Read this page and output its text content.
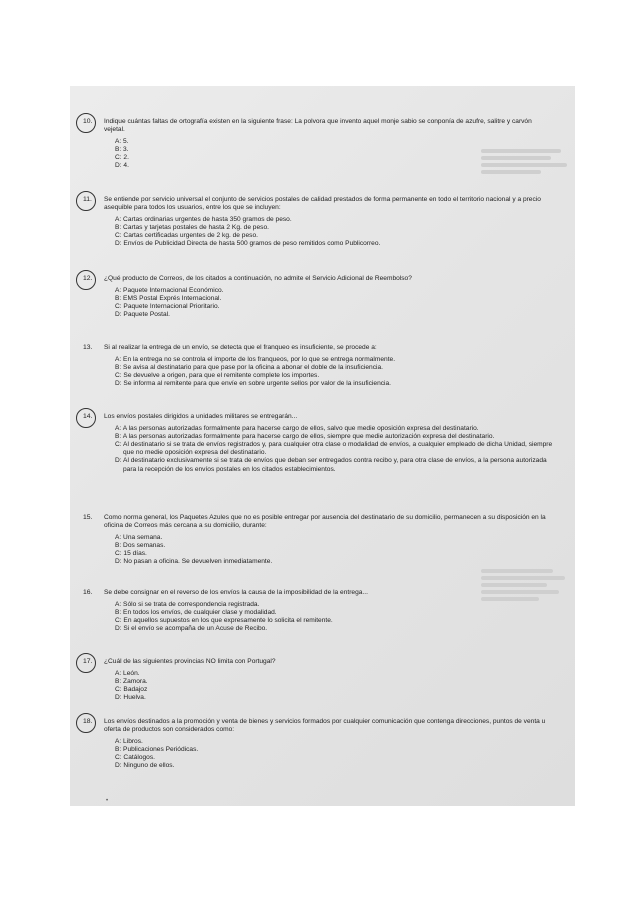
10. Indique cuántas faltas de ortografía existen en la siguiente frase: La polvora que invento aquel monje sabio se conponía de azufre, salitre y carvón vejetal.

A: 5.
B: 3.
C: 2.
D: 4.
11. Se entiende por servicio universal el conjunto de servicios postales de calidad prestados de forma permanente en todo el territorio nacional y a precio asequible para todos los usuarios, entre los que se incluyen:

A: Cartas ordinarias urgentes de hasta 350 gramos de peso.
B: Cartas y tarjetas postales de hasta 2 Kg. de peso.
C: Cartas certificadas urgentes de 2 kg. de peso.
D: Envíos de Publicidad Directa de hasta 500 gramos de peso remitidos como Publicorreo.
12. ¿Qué producto de Correos, de los citados a continuación, no admite el Servicio Adicional de Reembolso?

A: Paquete Internacional Económico.
B: EMS Postal Exprés Internacional.
C: Paquete Internacional Prioritario.
D: Paquete Postal.
13. Si al realizar la entrega de un envío, se detecta que el franqueo es insuficiente, se procede a:

A: En la entrega no se controla el importe de los franqueos, por lo que se entrega normalmente.
B: Se avisa al destinatario para que pase por la oficina a abonar el doble de la insuficiencia.
C: Se devuelve a origen, para que el remitente complete los importes.
D: Se informa al remitente para que envíe en sobre urgente sellos por valor de la insuficiencia.
14. Los envíos postales dirigidos a unidades militares se entregarán...

A: A las personas autorizadas formalmente para hacerse cargo de ellos, salvo que medie oposición expresa del destinatario.
B: A las personas autorizadas formalmente para hacerse cargo de ellos, siempre que medie autorización expresa del destinatario.
C: Al destinatario si se trata de envíos registrados y, para cualquier otra clase o modalidad de envíos, a cualquier empleado de dicha Unidad, siempre que no medie oposición expresa del destinatario.
D: Al destinatario exclusivamente si se trata de envíos que deban ser entregados contra recibo y, para otra clase de envíos, a la persona autorizada para la recepción de los envíos postales en los citados establecimientos.
15. Como norma general, los Paquetes Azules que no es posible entregar por ausencia del destinatario de su domicilio, permanecen a su disposición en la oficina de Correos más cercana a su domicilio, durante:

A: Una semana.
B: Dos semanas.
C: 15 días.
D: No pasan a oficina. Se devuelven inmediatamente.
16. Se debe consignar en el reverso de los envíos la causa de la imposibilidad de la entrega...

A: Sólo si se trata de correspondencia registrada.
B: En todos los envíos, de cualquier clase y modalidad.
C: En aquellos supuestos en los que expresamente lo solicita el remitente.
D: Si el envío se acompaña de un Acuse de Recibo.
17. ¿Cuál de las siguientes provincias NO limita con Portugal?

A: León.
B: Zamora.
C: Badajoz
D: Huelva.
18. Los envíos destinados a la promoción y venta de bienes y servicios formados por cualquier comunicación que contenga direcciones, puntos de venta u oferta de productos son considerados como:

A: Libros.
B: Publicaciones Periódicas.
C: Catálogos.
D: Ninguno de ellos.
•
